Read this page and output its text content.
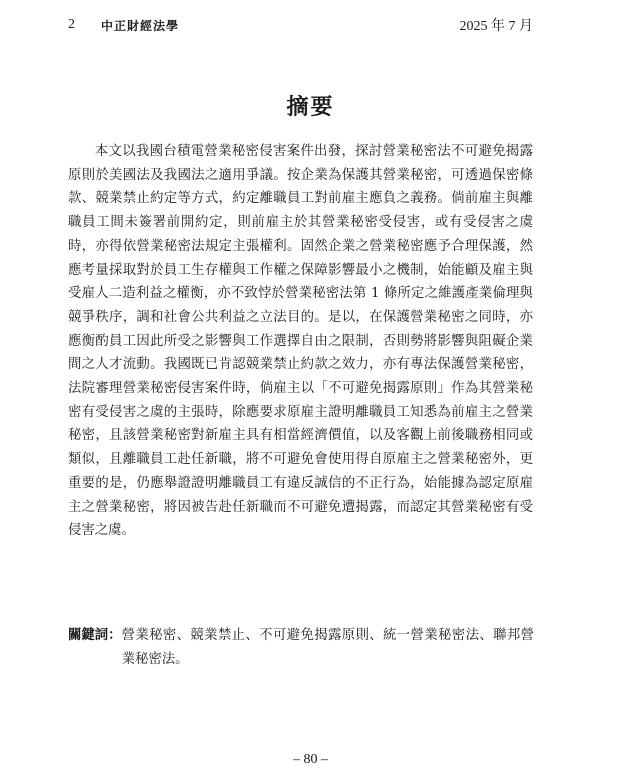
2 中正財經法學	2025 年 7 月
摘要

本文以我國台積電營業秘密侵害案件出發，探討營業秘密法不可避免揭露原則於美國法及我國法之適用爭議。按企業為保護其營業秘密，可透過保密條款、競業禁止約定等方式，約定離職員工對前雇主應負之義務。倘前雇主與離職員工間未簽署前開約定，則前雇主於其營業秘密受侵害，或有受侵害之虞時，亦得依營業秘密法規定主張權利。固然企業之營業秘密應予合理保護，然應考量採取對於員工生存權與工作權之保障影響最小之機制，始能顧及雇主與受雇人二造利益之權衡，亦不致悖於營業秘密法第 1 條所定之維護產業倫理與競爭秩序，調和社會公共利益之立法目的。是以，在保護營業秘密之同時，亦應衡酌員工因此所受之影響與工作選擇自由之限制，否則勢將影響與阻礙企業間之人才流動。我國既已肯認競業禁止約款之效力，亦有專法保護營業秘密，法院審理營業秘密侵害案件時，倘雇主以「不可避免揭露原則」作為其營業秘密有受侵害之虞的主張時，除應要求原雇主證明離職員工知悉為前雇主之營業秘密，且該營業秘密對新雇主具有相當經濟價值，以及客觀上前後職務相同或類似，且離職員工赴任新職，將不可避免會使用得自原雇主之營業秘密外，更重要的是，仍應舉證證明離職員工有違反誠信的不正行為，始能據為認定原雇主之營業秘密，將因被告赴任新職而不可避免遭揭露，而認定其營業秘密有受侵害之虞。

關鍵詞： 營業秘密、競業禁止、不可避免揭露原則、統一營業秘密法、聯邦營業秘密法。
– 80 –
